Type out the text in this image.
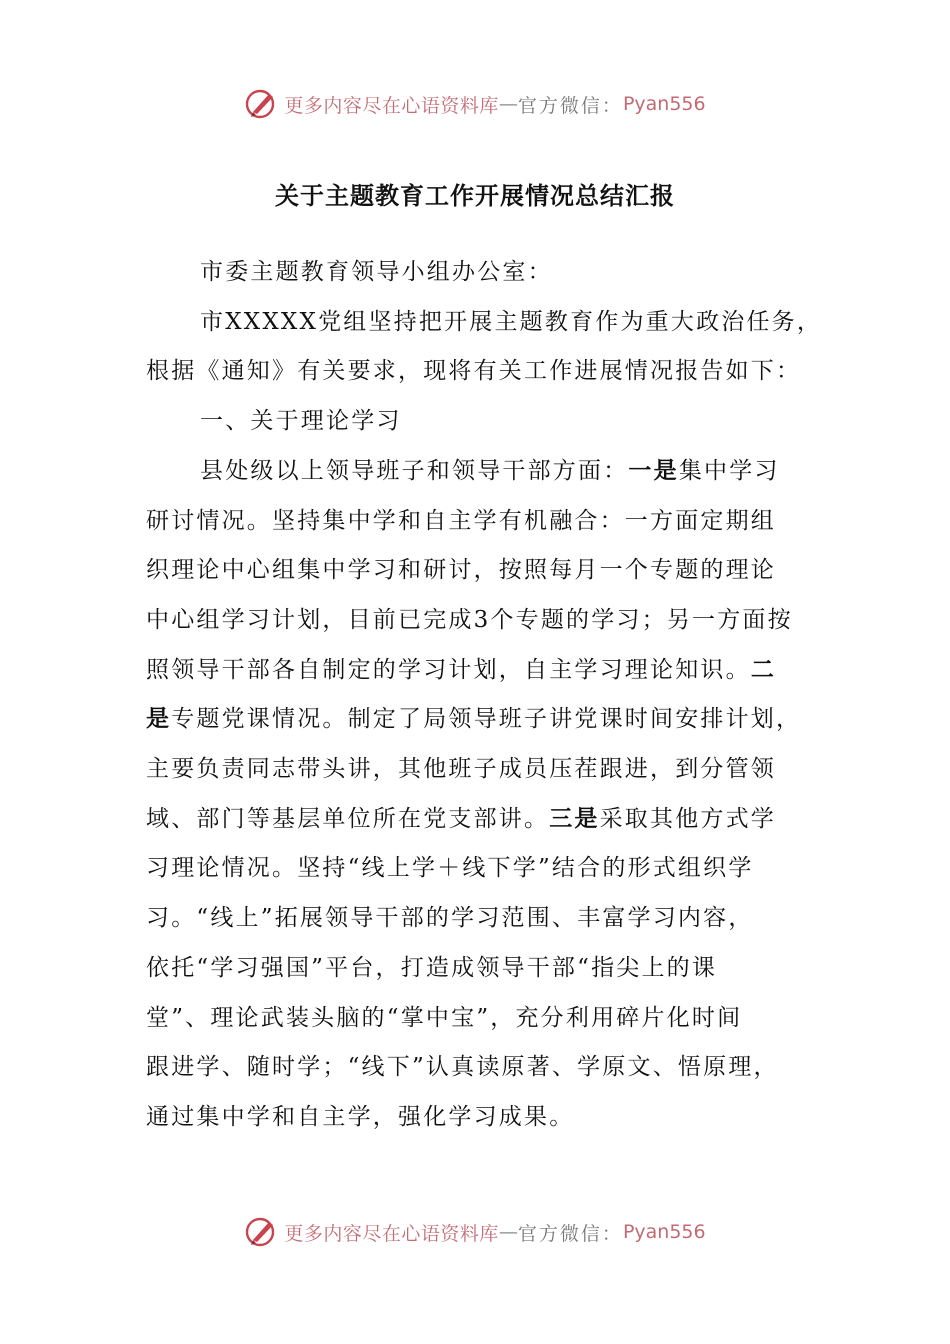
更多内容尽在心语资料库 — 官方微信： Pyan556
关于主题教育工作开展情况总结汇报

市委主题教育领导小组办公室：

市XXXXX党组坚持把开展主题教育作为重大政治任务，
根据《通知》有关要求，现将有关工作进展情况报告如下：

一、关于理论学习

县处级以上领导班子和领导干部方面：一是集中学习
研讨情况。坚持集中学和自主学有机融合：一方面定期组
织理论中心组集中学习和研讨，按照每月一个专题的理论
中心组学习计划，目前已完成3个专题的学习；另一方面按
照领导干部各自制定的学习计划，自主学习理论知识。二
是专题党课情况。制定了局领导班子讲党课时间安排计划，
主要负责同志带头讲，其他班子成员压茬跟进，到分管领
域、部门等基层单位所在党支部讲。三是采取其他方式学
习理论情况。坚持“线上学＋线下学”结合的形式组织学
习。“线上”拓展领导干部的学习范围、丰富学习内容，
依托“学习强国”平台，打造成领导干部“指尖上的课
堂”、理论武装头脑的“掌中宝”，充分利用碎片化时间
跟进学、随时学；“线下”认真读原著、学原文、悟原理，
通过集中学和自主学，强化学习成果。

更多内容尽在心语资料库 — 官方微信： Pyan556
